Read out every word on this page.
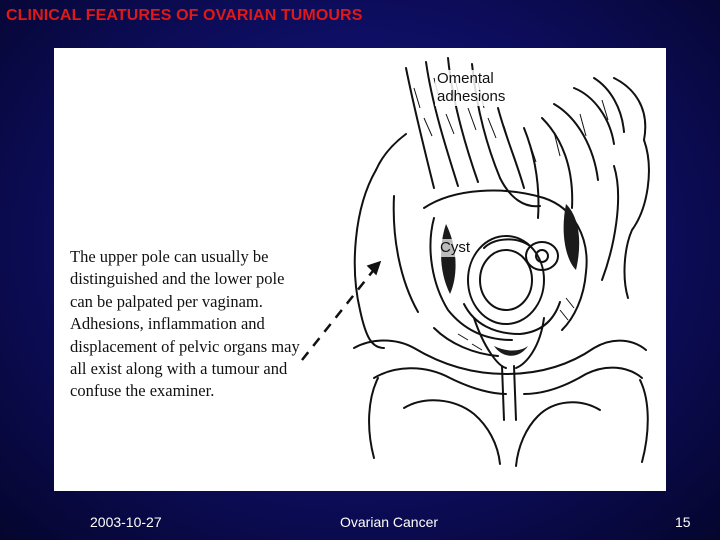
CLINICAL FEATURES OF OVARIAN TUMOURS
The upper pole can usually be distinguished and the lower pole can be palpated per vaginam. Adhesions, inflammation and displacement of pelvic organs may all exist along with a tumour and confuse the examiner.
Omental
adhesions
Cyst
2003-10-27	Ovarian Cancer	15
